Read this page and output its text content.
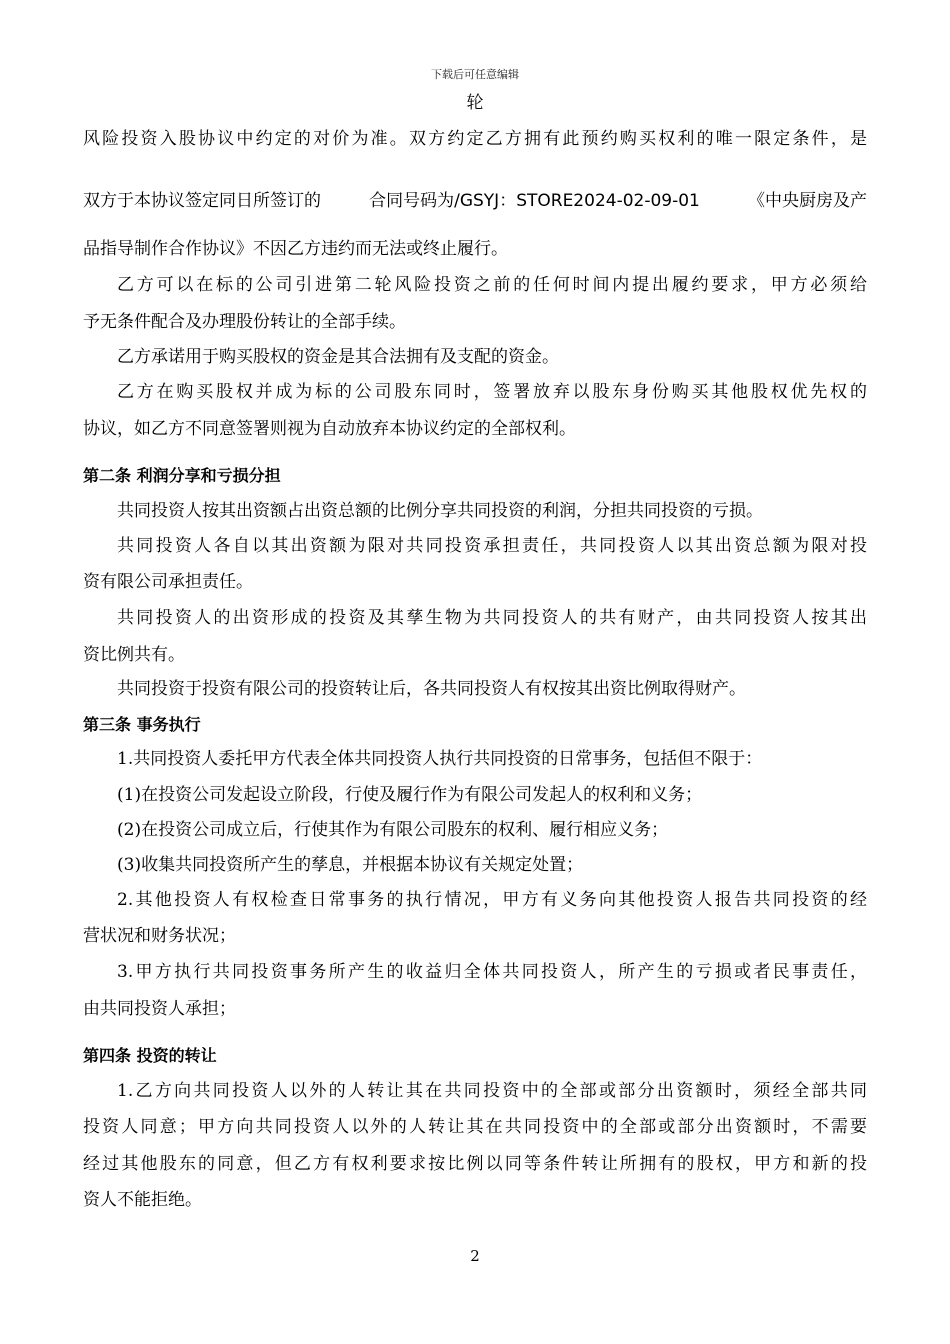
下载后可任意编辑
轮
风险投资入股协议中约定的对价为准。双方约定乙方拥有此预约购买权利的唯一限定条件，是
双方于本协议签定同日所签订的	合同号码为/GSYJ：STORE2024-02-09-01	《中央厨房及产
品指导制作合作协议》不因乙方违约而无法或终止履行。
乙方可以在标的公司引进第二轮风险投资之前的任何时间内提出履约要求，甲方必须给
予无条件配合及办理股份转让的全部手续。
乙方承诺用于购买股权的资金是其合法拥有及支配的资金。
乙方在购买股权并成为标的公司股东同时，签署放弃以股东身份购买其他股权优先权的
协议，如乙方不同意签署则视为自动放弃本协议约定的全部权利。
第二条 利润分享和亏损分担
共同投资人按其出资额占出资总额的比例分享共同投资的利润，分担共同投资的亏损。
共同投资人各自以其出资额为限对共同投资承担责任，共同投资人以其出资总额为限对投
资有限公司承担责任。
共同投资人的出资形成的投资及其孳生物为共同投资人的共有财产，由共同投资人按其出
资比例共有。
共同投资于投资有限公司的投资转让后，各共同投资人有权按其出资比例取得财产。
第三条 事务执行
1.共同投资人委托甲方代表全体共同投资人执行共同投资的日常事务，包括但不限于：
(1)在投资公司发起设立阶段，行使及履行作为有限公司发起人的权利和义务；
(2)在投资公司成立后，行使其作为有限公司股东的权利、履行相应义务；
(3)收集共同投资所产生的孳息，并根据本协议有关规定处置；
2.其他投资人有权检查日常事务的执行情况，甲方有义务向其他投资人报告共同投资的经
营状况和财务状况；
3.甲方执行共同投资事务所产生的收益归全体共同投资人，所产生的亏损或者民事责任，
由共同投资人承担；
第四条 投资的转让
1.乙方向共同投资人以外的人转让其在共同投资中的全部或部分出资额时，须经全部共同
投资人同意；甲方向共同投资人以外的人转让其在共同投资中的全部或部分出资额时，不需要
经过其他股东的同意，但乙方有权利要求按比例以同等条件转让所拥有的股权，甲方和新的投
资人不能拒绝。
2
